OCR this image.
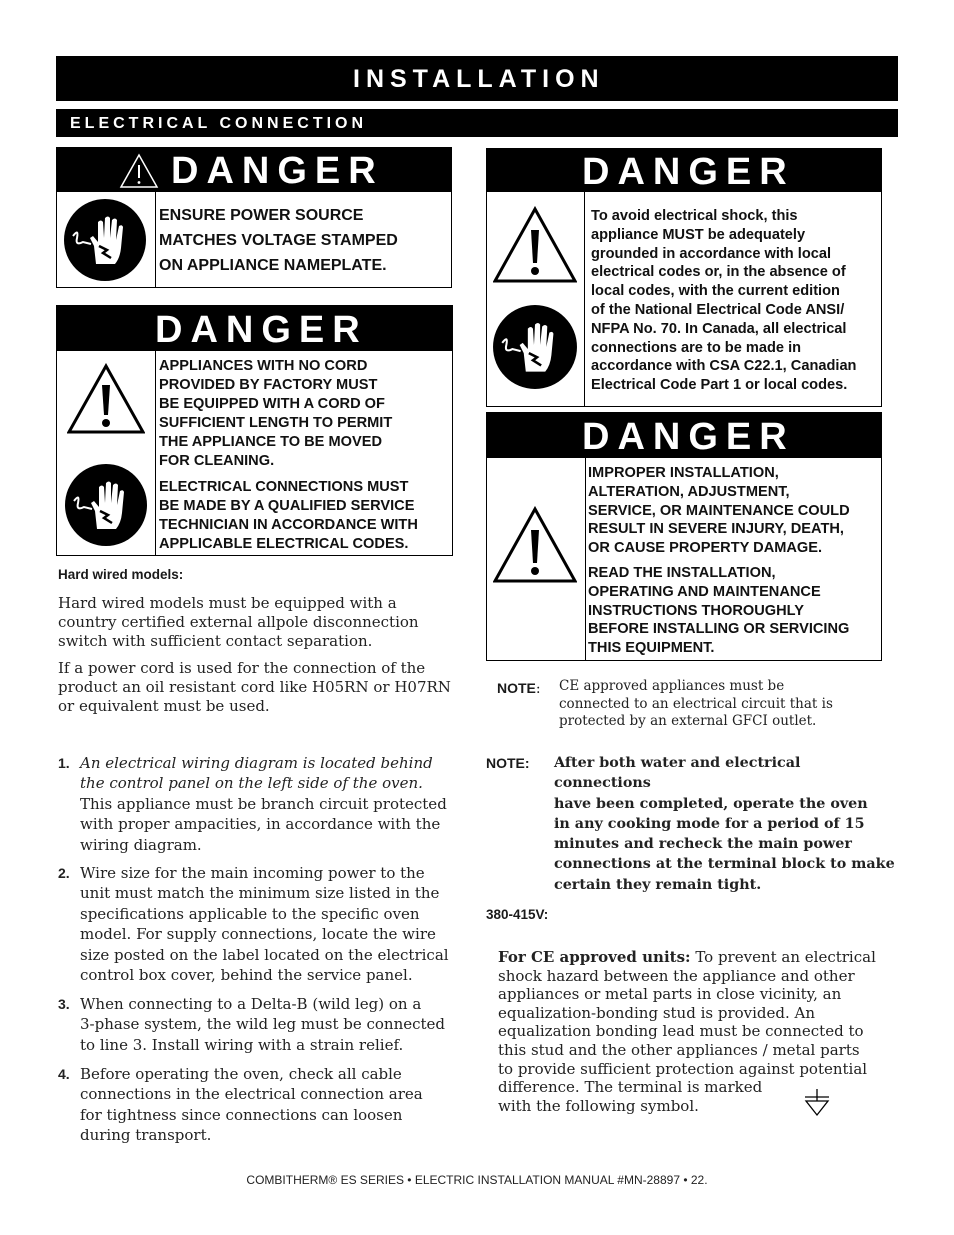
INSTALLATION
ELECTRICAL CONNECTION
DANGER

ENSURE POWER SOURCE

MATCHES VOLTAGE STAMPED

ON APPLIANCE NAMEPLATE.

DANGER

APPLIANCES WITH NO CORD

PROVIDED BY FACTORY MUST

BE EQUIPPED WITH A CORD OF

SUFFICIENT LENGTH TO PERMIT

THE APPLIANCE TO BE MOVED

FOR CLEANING.

ELECTRICAL CONNECTIONS MUST

BE MADE BY A QUALIFIED SERVICE

TECHNICIAN IN ACCORDANCE WITH

APPLICABLE ELECTRICAL CODES.

DANGER

To avoid electrical shock, this

appliance MUST be adequately

grounded in accordance with local

electrical codes or, in the absence of

local codes, with the current edition

of the National Electrical Code ANSI/

NFPA No. 70. In Canada, all electrical

connections are to be made in

accordance with CSA C22.1, Canadian

Electrical Code Part 1 or local codes.

DANGER

IMPROPER INSTALLATION,

ALTERATION, ADJUSTMENT,

SERVICE, OR MAINTENANCE COULD

RESULT IN SEVERE INJURY, DEATH,

OR CAUSE PROPERTY DAMAGE.

READ THE INSTALLATION,

OPERATING AND MAINTENANCE

INSTRUCTIONS THOROUGHLY

BEFORE INSTALLING OR SERVICING

THIS EQUIPMENT.

Hard wired models:

Hard wired models must be equipped with a

country certified external allpole disconnection

switch with sufficient contact separation.

If a power cord is used for the connection of the

product an oil resistant cord like H05RN or H07RN

or equivalent must be used.

1. An electrical wiring diagram is located behind
the control panel on the left side of the oven.
This appliance must be branch circuit protected
with proper ampacities, in accordance with the
wiring diagram.
2. Wire size for the main incoming power to the
unit must match the minimum size listed in the
specifications applicable to the specific oven
model. For supply connections, locate the wire
size posted on the label located on the electrical
control box cover, behind the service panel.
3. When connecting to a Delta-B (wild leg) on a
3-phase system, the wild leg must be connected
to line 3. Install wiring with a strain relief.
4. Before operating the oven, check all cable
connections in the electrical connection area
for tightness since connections can loosen
during transport.
NOTE: CE approved appliances must be
connected to an electrical circuit that is
protected by an external GFCI outlet.
NOTE: After both water and electrical connections
have been completed, operate the oven
in any cooking mode for a period of 15
minutes and recheck the main power
connections at the terminal block to make
certain they remain tight.
380-415V:
For CE approved units: To prevent an electrical
shock hazard between the appliance and other
appliances or metal parts in close vicinity, an
equalization-bonding stud is provided. An
equalization bonding lead must be connected to
this stud and the other appliances / metal parts
to provide sufficient protection against potential
difference. The terminal is marked
with the following symbol.
COMBITHERM® ES SERIES • ELECTRIC INSTALLATION MANUAL #MN-28897 • 22.
